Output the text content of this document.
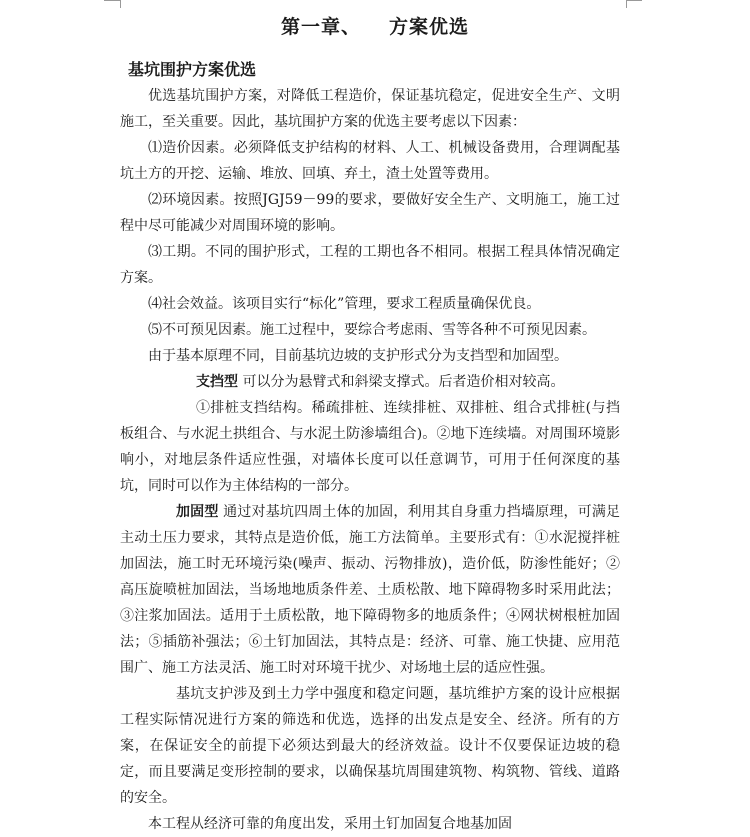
第一章、 方案优选
基坑围护方案优选

优选基坑围护方案，对降低工程造价，保证基坑稳定，促进安全生产、文明施工，至关重要。因此，基坑围护方案的优选主要考虑以下因素：

⑴造价因素。必须降低支护结构的材料、人工、机械设备费用，合理调配基坑土方的开挖、运输、堆放、回填、弃土，渣土处置等费用。

⑵环境因素。按照JGJ59－99的要求，要做好安全生产、文明施工，施工过程中尽可能减少对周围环境的影响。

⑶工期。不同的围护形式，工程的工期也各不相同。根据工程具体情况确定方案。

⑷社会效益。该项目实行“标化”管理，要求工程质量确保优良。

⑸不可预见因素。施工过程中，要综合考虑雨、雪等各种不可预见因素。

由于基本原理不同，目前基坑边坡的支护形式分为支挡型和加固型。

支挡型 可以分为悬臂式和斜梁支撑式。后者造价相对较高。

①排桩支挡结构。稀疏排桩、连续排桩、双排桩、组合式排桩(与挡板组合、与水泥土拱组合、与水泥土防渗墙组合)。②地下连续墙。对周围环境影响小，对地层条件适应性强，对墙体长度可以任意调节，可用于任何深度的基坑，同时可以作为主体结构的一部分。

加固型 通过对基坑四周土体的加固，利用其自身重力挡墙原理，可满足主动土压力要求，其特点是造价低，施工方法简单。主要形式有：①水泥搅拌桩加固法，施工时无环境污染(噪声、振动、污物排放)，造价低，防渗性能好；②高压旋喷桩加固法，当场地地质条件差、土质松散、地下障碍物多时采用此法；③注浆加固法。适用于土质松散，地下障碍物多的地质条件；④网状树根桩加固法；⑤插筋补强法；⑥土钉加固法，其特点是：经济、可靠、施工快捷、应用范围广、施工方法灵活、施工时对环境干扰少、对场地土层的适应性强。

基坑支护涉及到土力学中强度和稳定问题，基坑维护方案的设计应根据工程实际情况进行方案的筛选和优选，选择的出发点是安全、经济。所有的方案，在保证安全的前提下必须达到最大的经济效益。设计不仅要保证边坡的稳定，而且要满足变形控制的要求，以确保基坑周围建筑物、构筑物、管线、道路的安全。

本工程从经济可靠的角度出发，采用土钉加固复合地基加固
